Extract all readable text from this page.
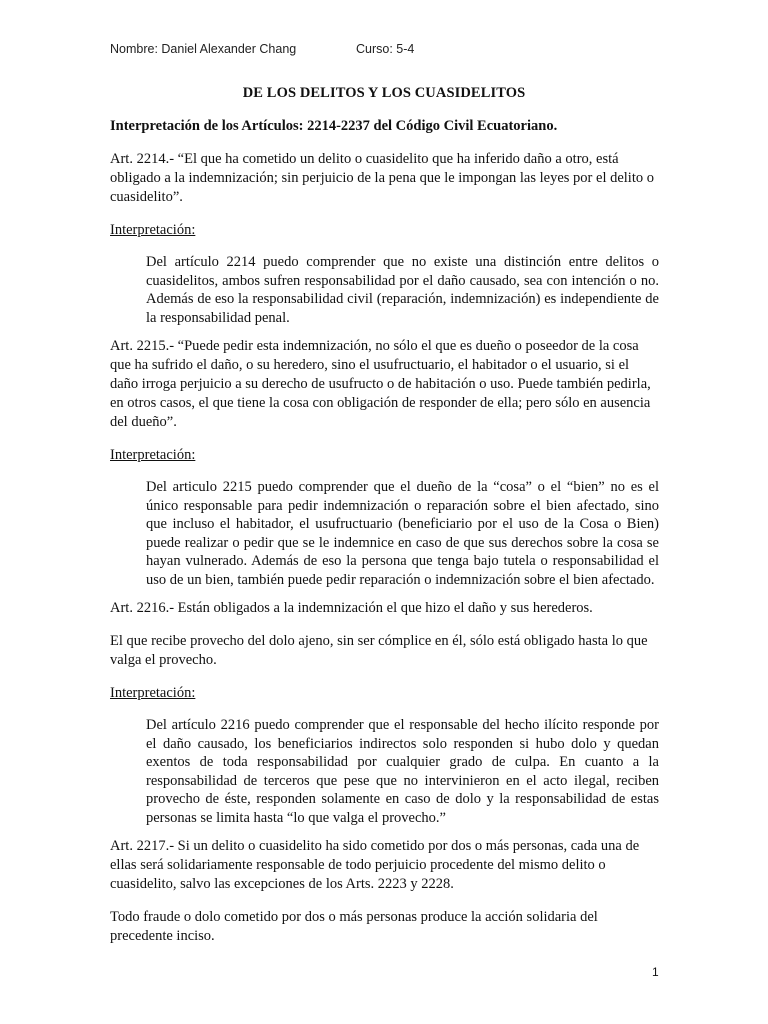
Nombre: Daniel Alexander Chang	Curso: 5-4
DE LOS DELITOS Y LOS CUASIDELITOS

Interpretación de los Artículos: 2214-2237 del Código Civil Ecuatoriano.

Art. 2214.- “El que ha cometido un delito o cuasidelito que ha inferido daño a otro, está obligado a la indemnización; sin perjuicio de la pena que le impongan las leyes por el delito o cuasidelito”.

Interpretación:

Del artículo 2214 puedo comprender que no existe una distinción entre delitos o cuasidelitos, ambos sufren responsabilidad por el daño causado, sea con intención o no. Además de eso la responsabilidad civil (reparación, indemnización) es independiente de la responsabilidad penal.

Art. 2215.- “Puede pedir esta indemnización, no sólo el que es dueño o poseedor de la cosa que ha sufrido el daño, o su heredero, sino el usufructuario, el habitador o el usuario, si el daño irroga perjuicio a su derecho de usufructo o de habitación o uso. Puede también pedirla, en otros casos, el que tiene la cosa con obligación de responder de ella; pero sólo en ausencia del dueño”.

Interpretación:

Del articulo 2215 puedo comprender que el dueño de la “cosa” o el “bien” no es el único responsable para pedir indemnización o reparación sobre el bien afectado, sino que incluso el habitador, el usufructuario (beneficiario por el uso de la Cosa o Bien) puede realizar o pedir que se le indemnice en caso de que sus derechos sobre la cosa se hayan vulnerado. Además de eso la persona que tenga bajo tutela o responsabilidad el uso de un bien, también puede pedir reparación o indemnización sobre el bien afectado.

Art. 2216.- Están obligados a la indemnización el que hizo el daño y sus herederos.

El que recibe provecho del dolo ajeno, sin ser cómplice en él, sólo está obligado hasta lo que valga el provecho.

Interpretación:

Del artículo 2216 puedo comprender que el responsable del hecho ilícito responde por el daño causado, los beneficiarios indirectos solo responden si hubo dolo y quedan exentos de toda responsabilidad por cualquier grado de culpa. En cuanto a la responsabilidad de terceros que pese que no intervinieron en el acto ilegal, reciben provecho de éste, responden solamente en caso de dolo y la responsabilidad de estas personas se limita hasta “lo que valga el provecho.”

Art. 2217.- Si un delito o cuasidelito ha sido cometido por dos o más personas, cada una de ellas será solidariamente responsable de todo perjuicio procedente del mismo delito o cuasidelito, salvo las excepciones de los Arts. 2223 y 2228.

Todo fraude o dolo cometido por dos o más personas produce la acción solidaria del precedente inciso.

1
